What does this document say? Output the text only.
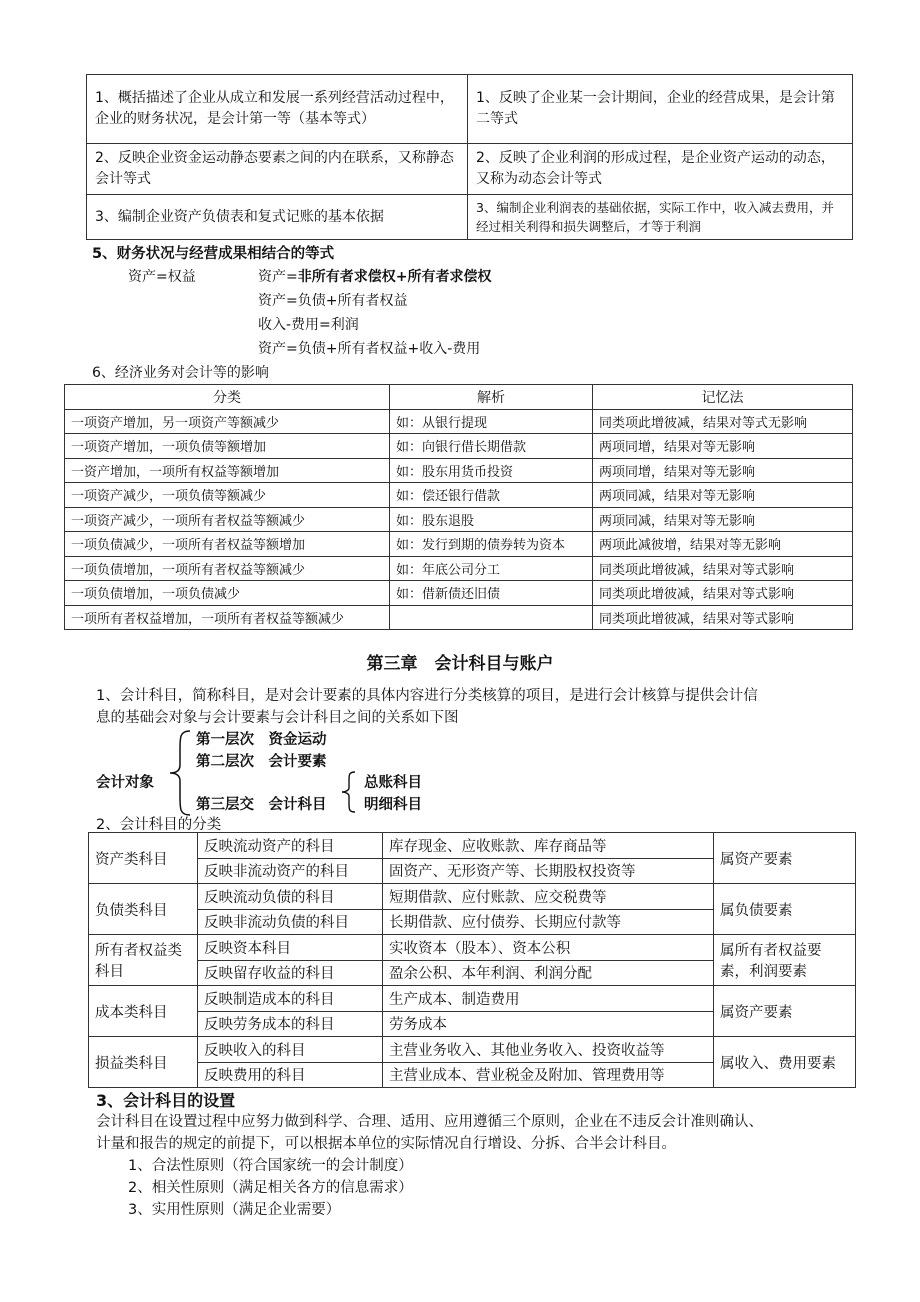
1、概括描述了企业从成立和发展一系列经营活动过程中，企业的财务状况，是会计第一等（基本等式）	1、反映了企业某一会计期间，企业的经营成果，是会计第二等式
2、反映企业资金运动静态要素之间的内在联系，又称静态会计等式	2、反映了企业利润的形成过程，是企业资产运动的动态，又称为动态会计等式
3、编制企业资产负债表和复式记账的基本依据	3、编制企业利润表的基础依据，实际工作中，收入减去费用，并经过相关利得和损失调整后，才等于利润
5、财务状况与经营成果相结合的等式
资产=权益	资产=非所有者求偿权+所有者求偿权
资产=负债+所有者权益
收入-费用=利润
资产=负债+所有者权益+收入-费用
6、经济业务对会计等的影响
分类	解析	记忆法
一项资产增加，另一项资产等额减少	如：从银行提现	同类项此增彼减，结果对等式无影响
一项资产增加，一项负债等额增加	如：向银行借长期借款	两项同增，结果对等无影响
一资产增加，一项所有权益等额增加	如：股东用货币投资	两项同增，结果对等无影响
一项资产减少，一项负债等额减少	如：偿还银行借款	两项同减，结果对等无影响
一项资产减少，一项所有者权益等额减少	如：股东退股	两项同减，结果对等无影响
一项负债减少，一项所有者权益等额增加	如：发行到期的债券转为资本	两项此减彼增，结果对等无影响
一项负债增加，一项所有者权益等额减少	如：年底公司分工	同类项此增彼减，结果对等式影响
一项负债增加，一项负债减少	如：借新债还旧债	同类项此增彼减，结果对等式影响
一项所有者权益增加，一项所有者权益等额减少		同类项此增彼减，结果对等式影响
第三章　会计科目与账户
1、会计科目，简称科目，是对会计要素的具体内容进行分类核算的项目，是进行会计核算与提供会计信
息的基础会对象与会计要素与会计科目之间的关系如下图
会计对象
第一层次　资金运动
第二层次　会计要素
第三层交　会计科目
总账科目
明细科目
2、会计科目的分类
资产类科目	反映流动资产的科目	库存现金、应收账款、库存商品等	属资产要素
	反映非流动资产的科目	固资产、无形资产等、长期股权投资等	
负债类科目	反映流动负债的科目	短期借款、应付账款、应交税费等	属负债要素
	反映非流动负债的科目	长期借款、应付债券、长期应付款等	
所有者权益类科目	反映资本科目	实收资本（股本）、资本公积	属所有者权益要素，利润要素
	反映留存收益的科目	盈余公积、本年利润、利润分配	
成本类科目	反映制造成本的科目	生产成本、制造费用	属资产要素
	反映劳务成本的科目	劳务成本	
损益类科目	反映收入的科目	主营业务收入、其他业务收入、投资收益等	属收入、费用要素
	反映费用的科目	主营业成本、营业税金及附加、管理费用等	
3、会计科目的设置
会计科目在设置过程中应努力做到科学、合理、适用、应用遵循三个原则，企业在不违反会计准则确认、
计量和报告的规定的前提下，可以根据本单位的实际情况自行增设、分拆、合半会计科目。
1、合法性原则（符合国家统一的会计制度）
2、相关性原则（满足相关各方的信息需求）
3、实用性原则（满足企业需要）
